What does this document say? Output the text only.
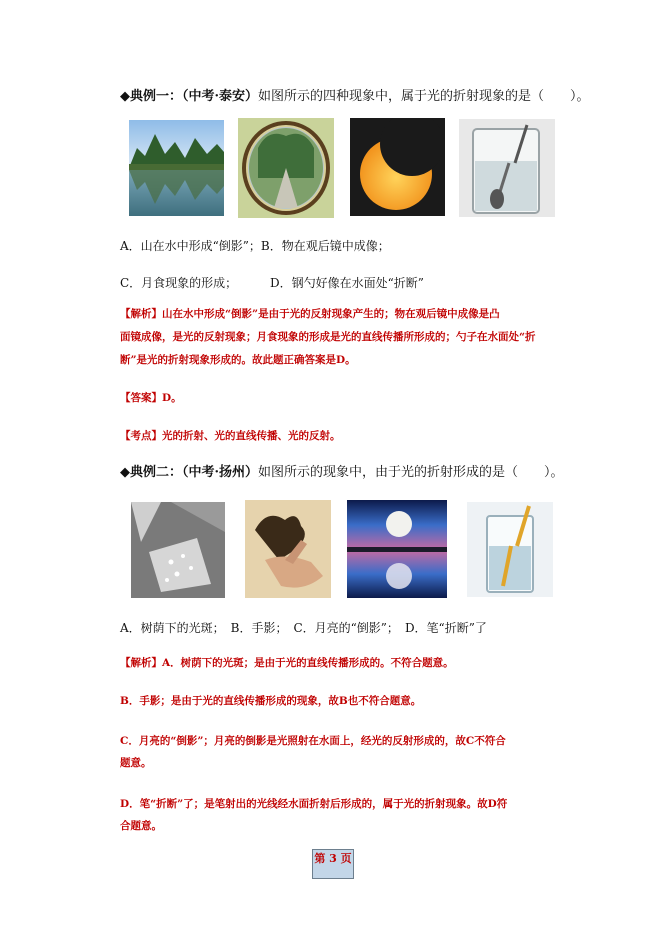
◆典例一：（中考·泰安）如图所示的四种现象中，属于光的折射现象的是（　　）。
A．山在水中形成“倒影”；B．物在观后镜中成像；
C．月食现象的形成；	D．钢勺好像在水面处“折断”
【解析】山在水中形成“倒影”是由于光的反射现象产生的；物在观后镜中成像是凸
面镜成像，是光的反射现象；月食现象的形成是光的直线传播所形成的；勺子在水面处“折
断”是光的折射现象形成的。故此题正确答案是D。
【答案】D。
【考点】光的折射、光的直线传播、光的反射。
◆典例二：（中考·扬州）如图所示的现象中，由于光的折射形成的是（　　）。
A．树荫下的光斑；　B．手影；　C．月亮的“倒影”；　D．笔“折断”了
【解析】A．树荫下的光斑；是由于光的直线传播形成的。不符合题意。
B．手影；是由于光的直线传播形成的现象，故B也不符合题意。
C．月亮的“倒影”；月亮的倒影是光照射在水面上，经光的反射形成的，故C不符合
题意。
D．笔“折断”了；是笔射出的光线经水面折射后形成的，属于光的折射现象。故D符
合题意。
第 3 页
